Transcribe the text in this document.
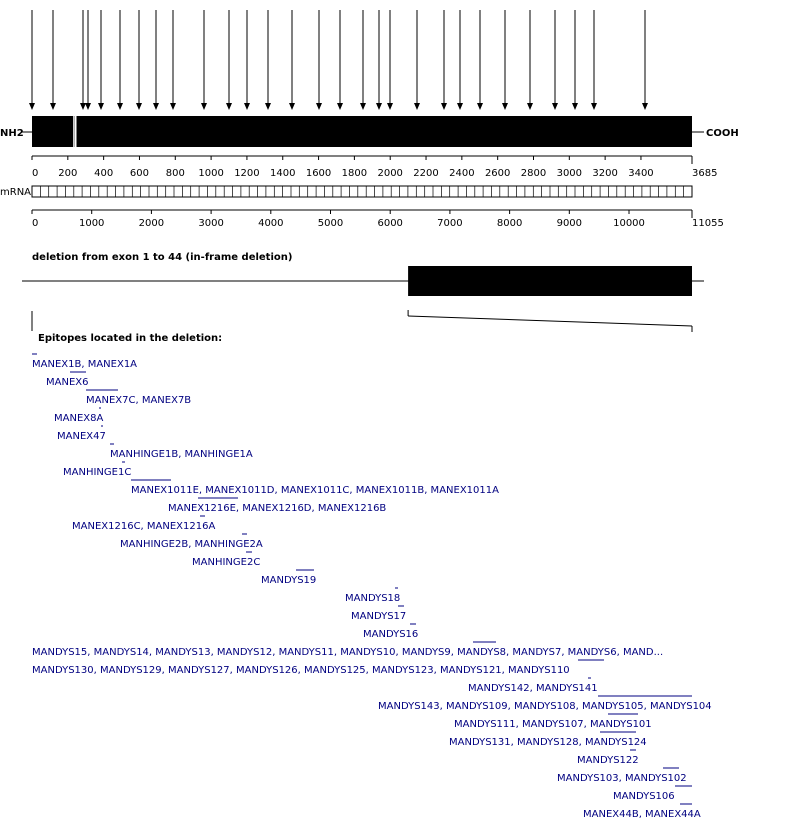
NH2	COOH
0 200 400 600 800 1000 1200 1400 1600 1800 2000 2200 2400 2600 2800 3000 3200 3400	3685
mRNA
0	1000	2000	3000	4000	5000	6000	7000	8000	9000	10000	11055
deletion from exon 1 to 44 (in-frame deletion)
Epitopes located in the deletion:
MANEX1B, MANEX1A
MANEX6
MANEX7C, MANEX7B
MANEX8A
MANEX47
MANHINGE1B, MANHINGE1A
MANHINGE1C
MANEX1011E, MANEX1011D, MANEX1011C, MANEX1011B, MANEX1011A
MANEX1216E, MANEX1216D, MANEX1216B
MANEX1216C, MANEX1216A
MANHINGE2B, MANHINGE2A
MANHINGE2C
MANDYS19
MANDYS18
MANDYS17
MANDYS16
MANDYS15, MANDYS14, MANDYS13, MANDYS12, MANDYS11, MANDYS10, MANDYS9, MANDYS8, MANDYS7, MANDYS6, MAND...
MANDYS130, MANDYS129, MANDYS127, MANDYS126, MANDYS125, MANDYS123, MANDYS121, MANDYS110
MANDYS142, MANDYS141
MANDYS143, MANDYS109, MANDYS108, MANDYS105, MANDYS104
MANDYS111, MANDYS107, MANDYS101
MANDYS131, MANDYS128, MANDYS124
MANDYS122
MANDYS103, MANDYS102
MANDYS106
MANEX44B, MANEX44A
